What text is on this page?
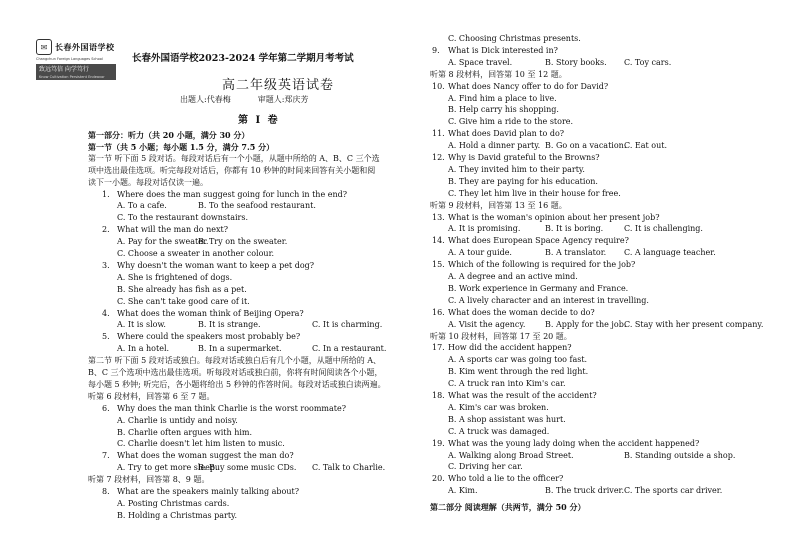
✉ 长春外国语学校
Changchun Foreign Languages School
致远笃信 向学笃行
Know Cultivation Persistent Endeavor
长春外国语学校2023-2024 学年第二学期月考考试
高二年级英语试卷
出题人:代春梅	审题人:郑庆芳
第 I 卷
第一部分：听力（共 20 小题，满分 30 分）
第一节（共 5 小题；每小题 1.5 分，满分 7.5 分）
第一节 听下面 5 段对话。每段对话后有一个小题，从题中所给的 A、B、C 三个选
项中选出最佳选项。听完每段对话后，你都有 10 秒钟的时间来回答有关小题和阅
读下一小题。每段对话仅读一遍。
1. Where does the man suggest going for lunch in the end?
A. To a cafe.	B. To the seafood restaurant.
C. To the restaurant downstairs.
2. What will the man do next?
A. Pay for the sweater.
B. Try on the sweater.
C. Choose a sweater in another colour.
3. Why doesn't the woman want to keep a pet dog?
A. She is frightened of dogs.
B. She already has fish as a pet.
C. She can't take good care of it.
4. What does the woman think of Beijing Opera?
A. It is slow.	B. It is strange.	C. It is charming.
5. Where could the speakers most probably be?
A. In a hotel.	B. In a supermarket.	C. In a restaurant.
第二节 听下面 5 段对话或独白。每段对话或独白后有几个小题，从题中所给的 A、
B、C 三个选项中选出最佳选项。听每段对话或独白前，你将有时间阅读各个小题，
每小题 5 秒钟; 听完后，各小题将给出 5 秒钟的作答时间。每段对话或独白读两遍。
听第 6 段材料，回答第 6 至 7 题。
6. Why does the man think Charlie is the worst roommate?
A. Charlie is untidy and noisy.
B. Charlie often argues with him.
C. Charlie doesn't let him listen to music.
7. What does the woman suggest the man do?
A. Try to get more sleep.
B. Buy some music CDs. C. Talk to Charlie.
听第 7 段材料，回答第 8、9 题。
8. What are the speakers mainly talking about?
A. Posting Christmas cards.
B. Holding a Christmas party.
C. Choosing Christmas presents.
9. What is Dick interested in?
A. Space travel.	B. Story books. C. Toy cars.
听第 8 段材料，回答第 10 至 12 题。
10. What does Nancy offer to do for David?
A. Find him a place to live.
B. Help carry his shopping.
C. Give him a ride to the store.
11. What does David plan to do?
A. Hold a dinner party. B. Go on a vacation.
C. Eat out.
12. Why is David grateful to the Browns?
A. They invited him to their party.
B. They are paying for his education.
C. They let him live in their house for free.
听第 9 段材料，回答第 13 至 16 题。
13. What is the woman's opinion about her present job?
A. It is promising.	B. It is boring.	C. It is challenging.
14. What does European Space Agency require?
A. A tour guide.	B. A translator. C. A language teacher.
15. Which of the following is required for the job?
A. A degree and an active mind.
B. Work experience in Germany and France.
C. A lively character and an interest in travelling.
16. What does the woman decide to do?
A. Visit the agency. B. Apply for the job.
C. Stay with her present company.
听第 10 段材料，回答第 17 至 20 题。
17. How did the accident happen?
A. A sports car was going too fast.
B. Kim went through the red light.
C. A truck ran into Kim's car.
18. What was the result of the accident?
A. Kim's car was broken.
B. A shop assistant was hurt.
C. A truck was damaged.
19. What was the young lady doing when the accident happened?
A. Walking along Broad Street.	B. Standing outside a shop.
C. Driving her car.
20. Who told a lie to the officer?
A. Kim.	B. The truck driver. C. The sports car driver.
第二部分 阅读理解（共两节，满分 50 分）
